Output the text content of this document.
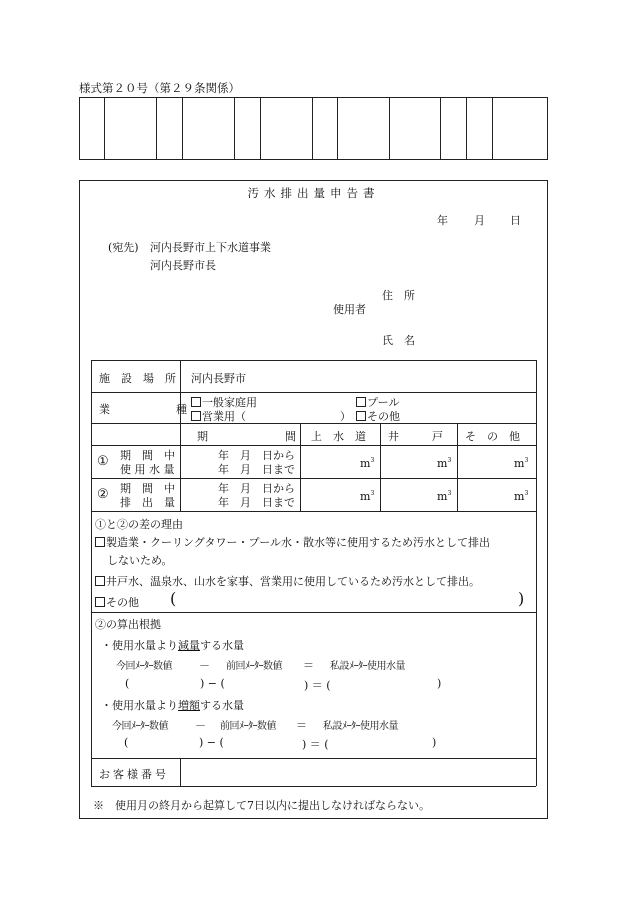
様式第２０号（第２９条関係）
汚水排出量申告書
年 月 日
(宛先) 河内長野市上下水道事業
河内長野市長
住　所
使用者
氏　名
施　設　場　所 河内長野市
業　　　　　　種
一般家庭用
営業用（	）
プール
その他
期　　　　　　　間 上　水　道 井　　　戸 そ　の　他
① 期　間　中
使 用 水 量
年　月　日から
年　月　日まで	$m^3$	$m^3$	$m^3$
② 期　間　中
排　出　量
年　月　日から
年　月　日まで	$m^3$	$m^3$	$m^3$
①と②の差の理由
製造業・クーリングタワー・プール水・散水等に使用するため汚水として排出
しないため。
井戸水、温泉水、山水を家事、営業用に使用しているため汚水として排出。
その他 (	)
②の算出根拠
・使用水量より減量する水量
今回ﾒｰﾀｰ数値 － 前回ﾒｰﾀｰ数値 ＝ 私設ﾒｰﾀｰ使用水量
(	) − (	) ＝ (	)
・使用水量より増額する水量
今回ﾒｰﾀｰ数値 － 前回ﾒｰﾀｰ数値 ＝ 私設ﾒｰﾀｰ使用水量
(	) − (	) ＝ (	)
お客様番号
※　使用月の終月から起算して7日以内に提出しなければならない。
